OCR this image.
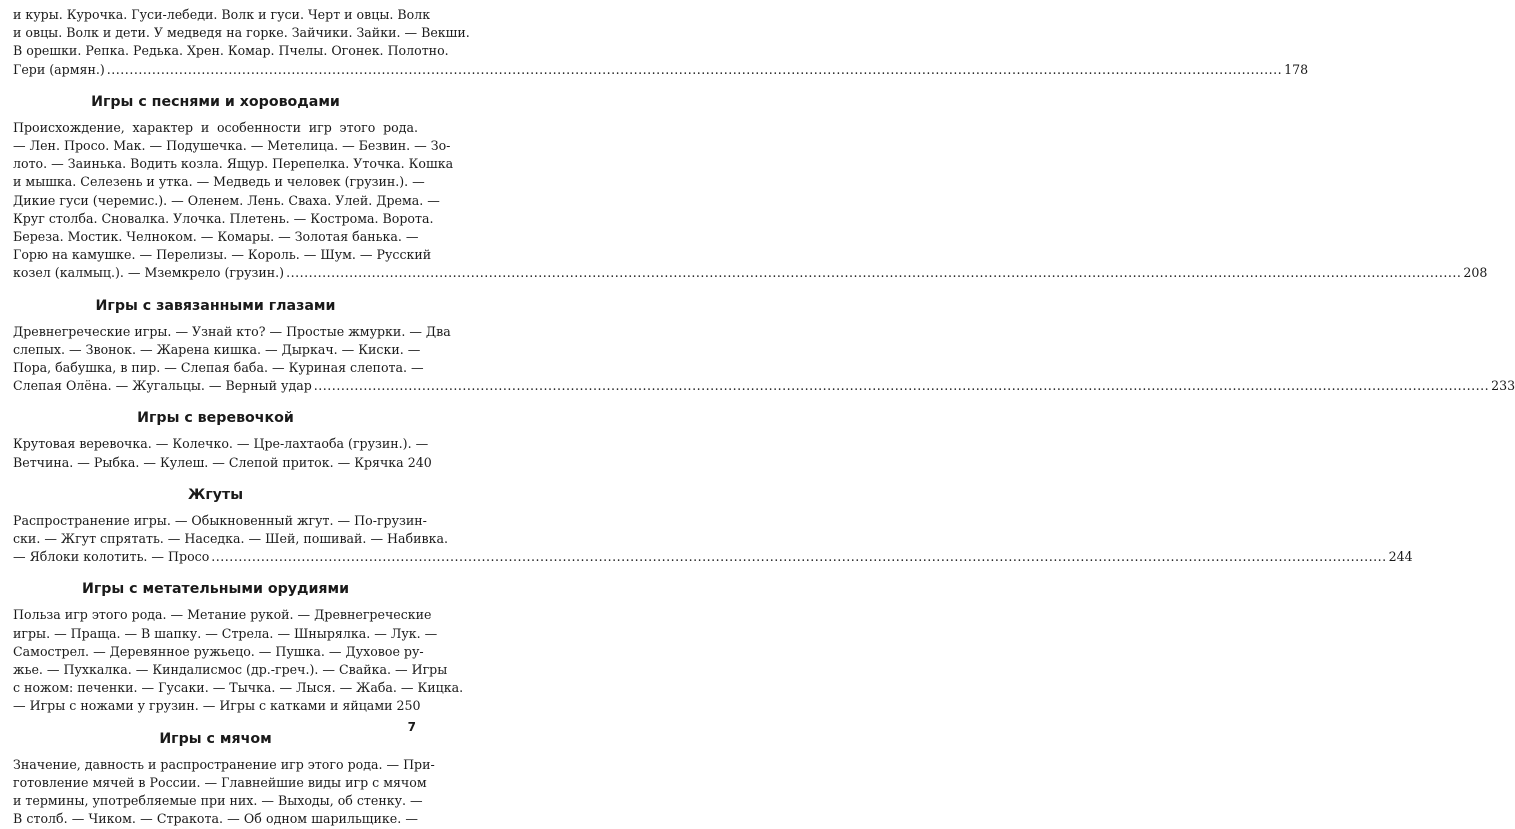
и куры. Курочка. Гуси-лебеди. Волк и гуси. Черт и овцы. Волк
и овцы. Волк и дети. У медведя на горке. Зайчики. Зайки. — Векши.
В орешки. Репка. Редька. Хрен. Комар. Пчелы. Огонек. Полотно.
Гери (армян.) .....	178
Игры с песнями и хороводами
Происхождение, характер и особенности игр этого рода.
— Лен. Просо. Мак. — Подушечка. — Метелица. — Безвин. — Зо-
лото. — Заинька. Водить козла. Ящур. Перепелка. Уточка. Кошка
и мышка. Селезень и утка. — Медведь и человек (грузин.). —
Дикие гуси (черемис.). — Оленем. Лень. Сваха. Улей. Дрема. —
Круг столба. Сновалка. Улочка. Плетень. — Кострома. Ворота.
Береза. Мостик. Челноком. — Комары. — Золотая банька. —
Горю на камушке. — Перелизы. — Король. — Шум. — Русский
козел (калмыц.). — Мземкрело (грузин.) .....	208
Игры с завязанными глазами
Древнегреческие игры. — Узнай кто? — Простые жмурки. — Два
слепых. — Звонок. — Жарена кишка. — Дыркач. — Киски. —
Пора, бабушка, в пир. — Слепая баба. — Куриная слепота. —
Слепая Олёна. — Жугальцы. — Верный удар .....	233
Игры с веревочкой
Крутовая веревочка. — Колечко. — Цре-лахтаоба (грузин.). —
Ветчина. — Рыбка. — Кулеш. — Слепой приток. — Крячка 240
Жгуты
Распространение игры. — Обыкновенный жгут. — По-грузин-
ски. — Жгут спрятать. — Наседка. — Шей, пошивай. — Набивка.
— Яблоки колотить. — Просо .....	244
Игры с метательными орудиями
Польза игр этого рода. — Метание рукой. — Древнегреческие
игры. — Праща. — В шапку. — Стрела. — Шнырялка. — Лук. —
Самострел. — Деревянное ружьецо. — Пушка. — Духовое ру-
жье. — Пухкалка. — Киндалисмос (др.-греч.). — Свайка. — Игры
с ножом: печенки. — Гусаки. — Тычка. — Лыся. — Жаба. — Кицка.
— Игры с ножами у грузин. — Игры с катками и яйцами 250
Игры с мячом
Значение, давность и распространение игр этого рода. — При-
готовление мячей в России. — Главнейшие виды игр с мячом
и термины, употребляемые при них. — Выходы, об стенку. —
В столб. — Чиком. — Стракота. — Об одном шарильщике. —
7
